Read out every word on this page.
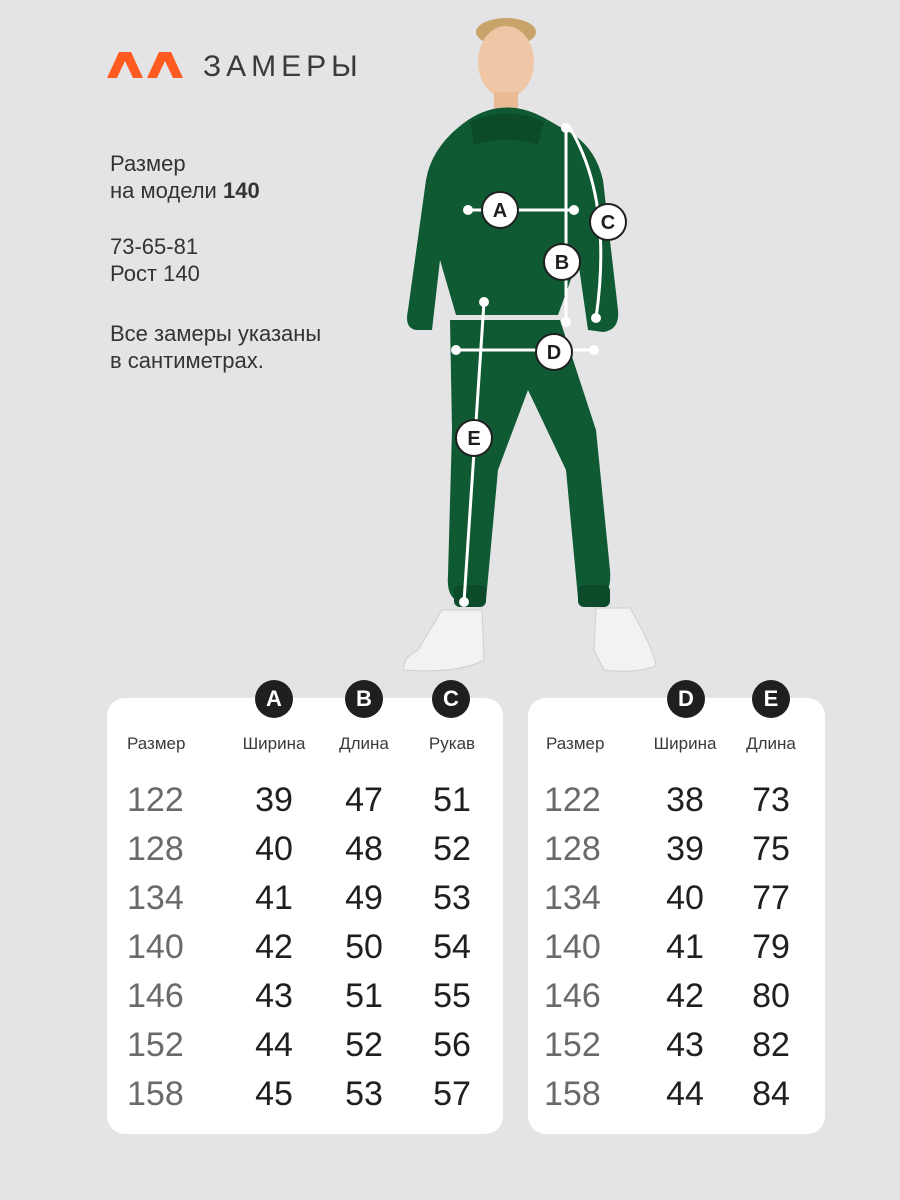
ЗАМЕРЫ
Размер
на модели 140
73-65-81
Рост 140
Все замеры указаны
в сантиметрах.
A
B
C
D
E
A	B	C
Размер	Ширина	Длина	Рукав
122	39	47	51
128	40	48	52
134	41	49	53
140	42	50	54
146	43	51	55
152	44	52	56
158	45	53	57
D	E
Размер	Ширина	Длина
122	38	73
128	39	75
134	40	77
140	41	79
146	42	80
152	43	82
158	44	84
